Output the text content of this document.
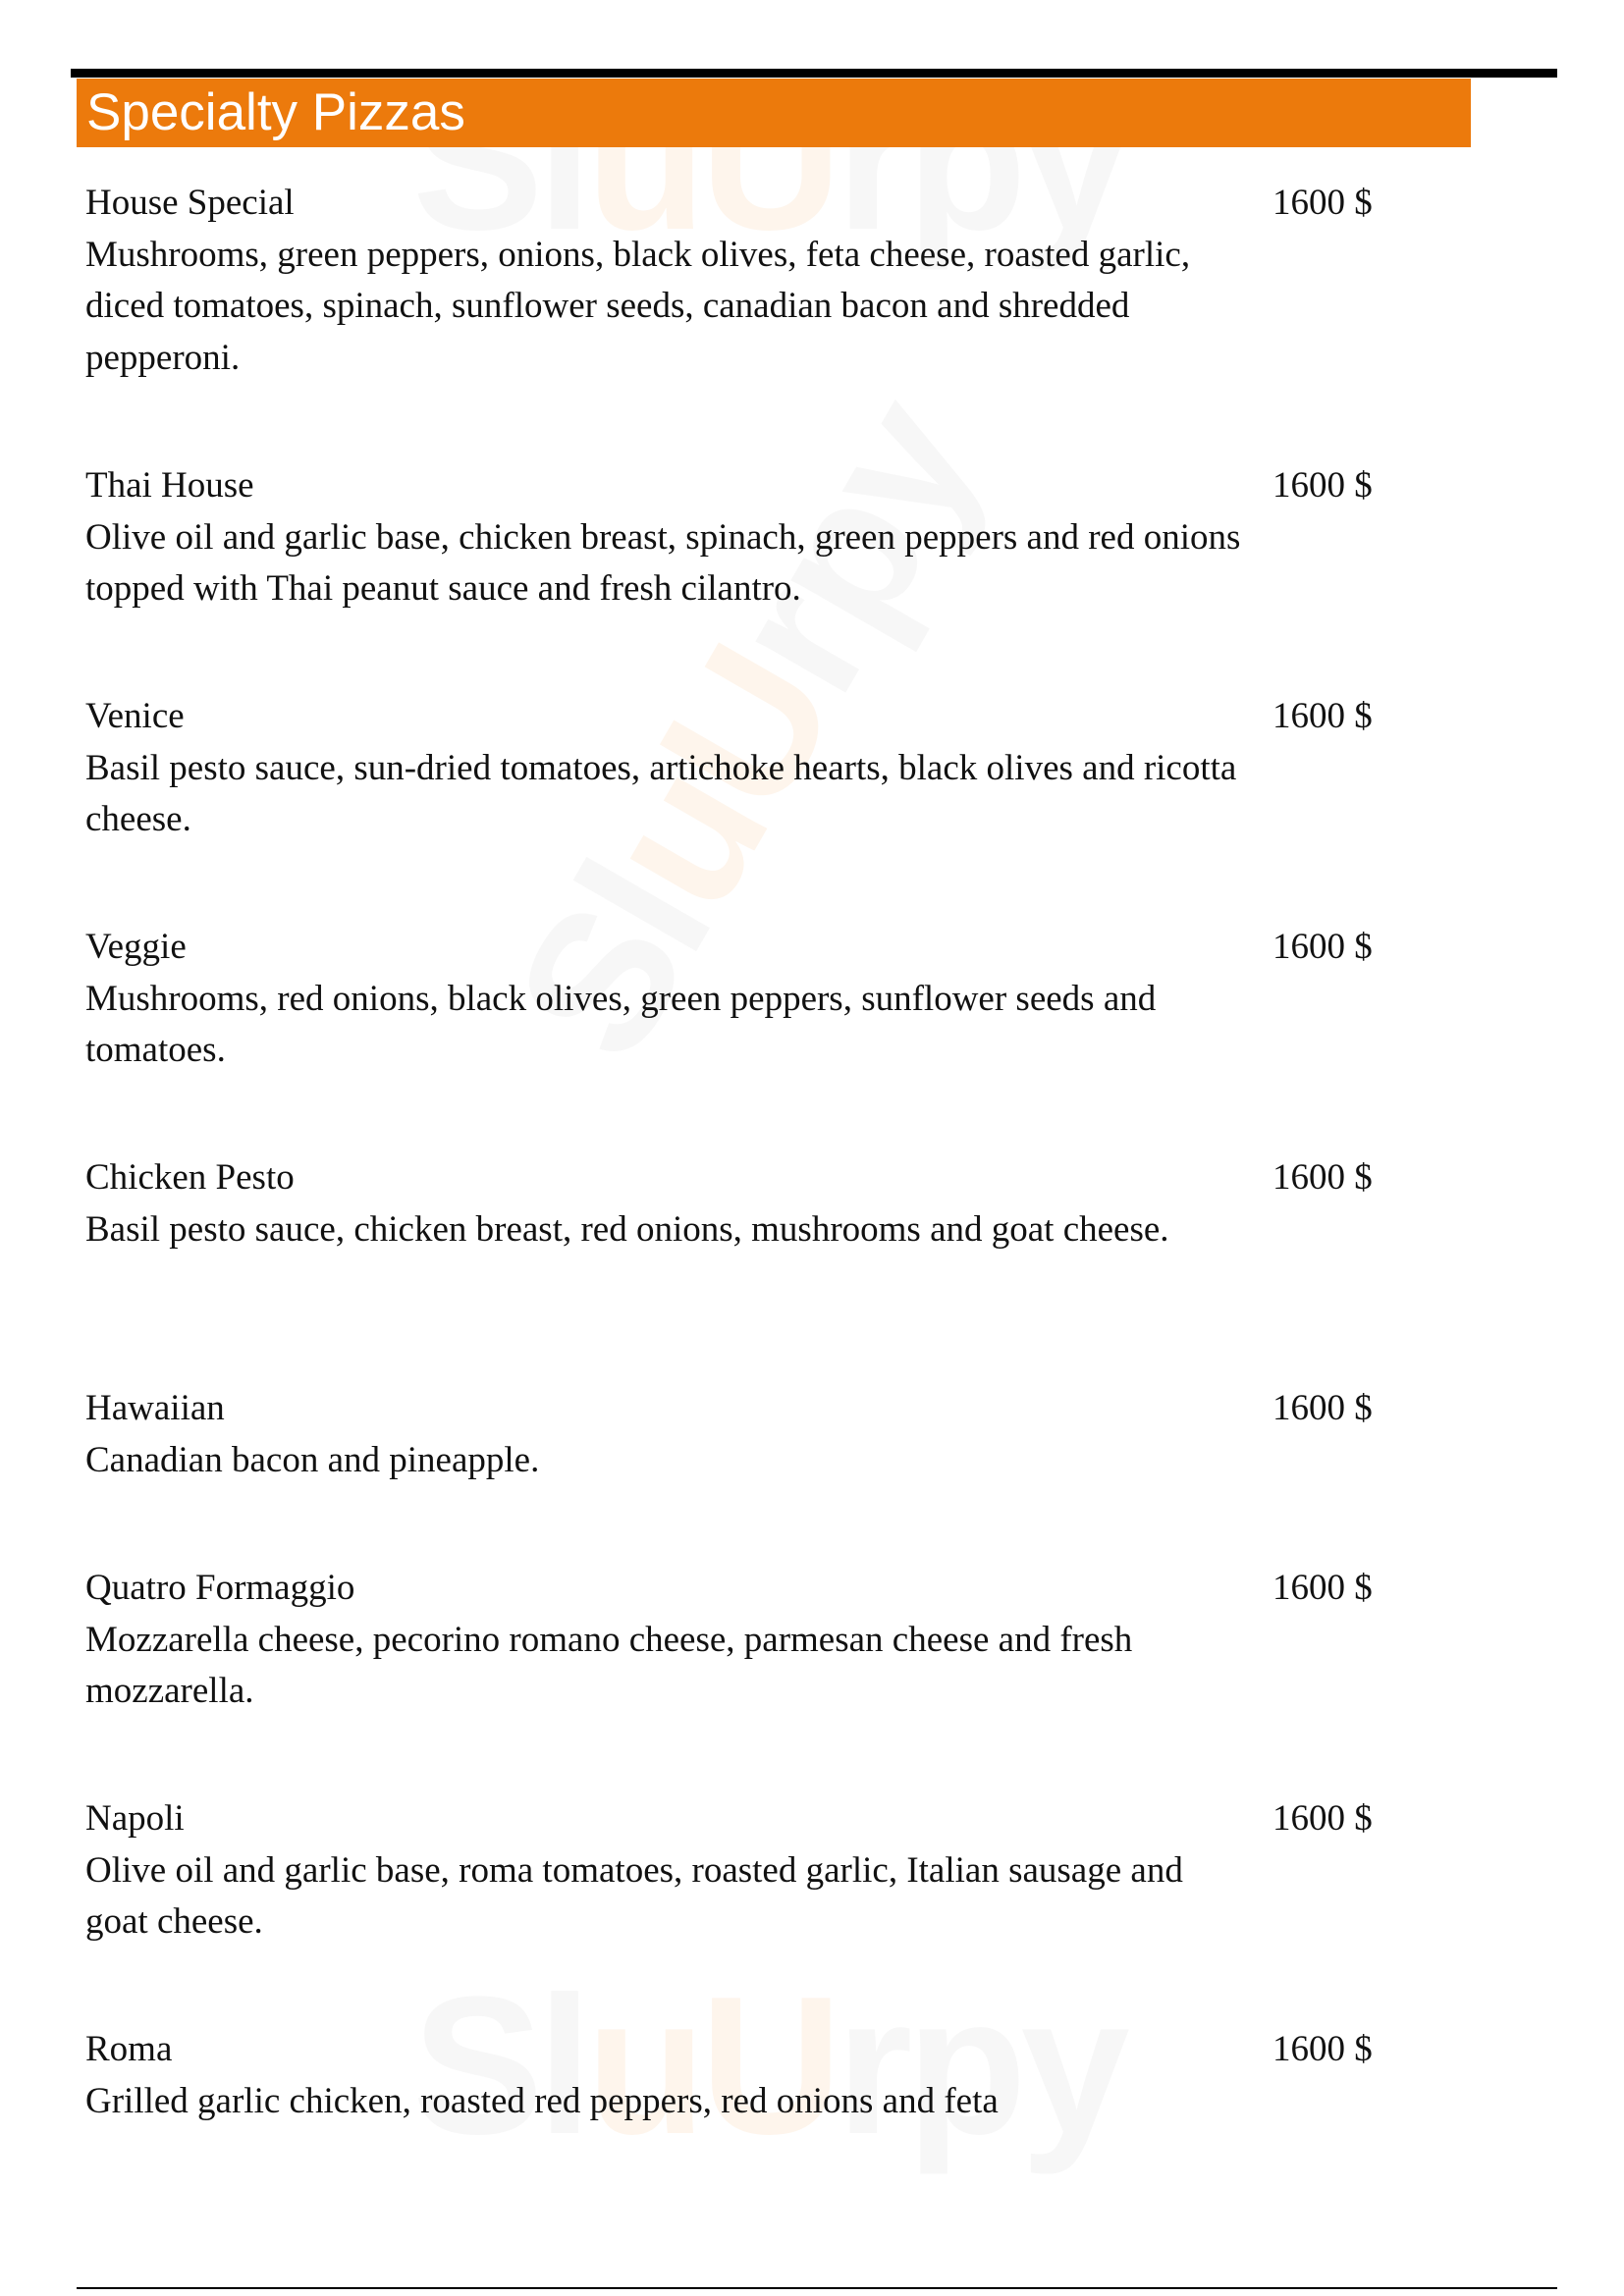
SluUrpy
SluUrpy
SluUrpy
Specialty Pizzas
House Special
Mushrooms, green peppers, onions, black olives, feta cheese, roasted garlic, diced tomatoes, spinach, sunflower seeds, canadian bacon and shredded pepperoni.
1600 $
Thai House
Olive oil and garlic base, chicken breast, spinach, green peppers and red onions topped with Thai peanut sauce and fresh cilantro.
1600 $
Venice
Basil pesto sauce, sun-dried tomatoes, artichoke hearts, black olives and ricotta cheese.
1600 $
Veggie
Mushrooms, red onions, black olives, green peppers, sunflower seeds and tomatoes.
1600 $
Chicken Pesto
Basil pesto sauce, chicken breast, red onions, mushrooms and goat cheese.
1600 $
Hawaiian
Canadian bacon and pineapple.
1600 $
Quatro Formaggio
Mozzarella cheese, pecorino romano cheese, parmesan cheese and fresh mozzarella.
1600 $
Napoli
Olive oil and garlic base, roma tomatoes, roasted garlic, Italian sausage and goat cheese.
1600 $
Roma
Grilled garlic chicken, roasted red peppers, red onions and feta
1600 $
